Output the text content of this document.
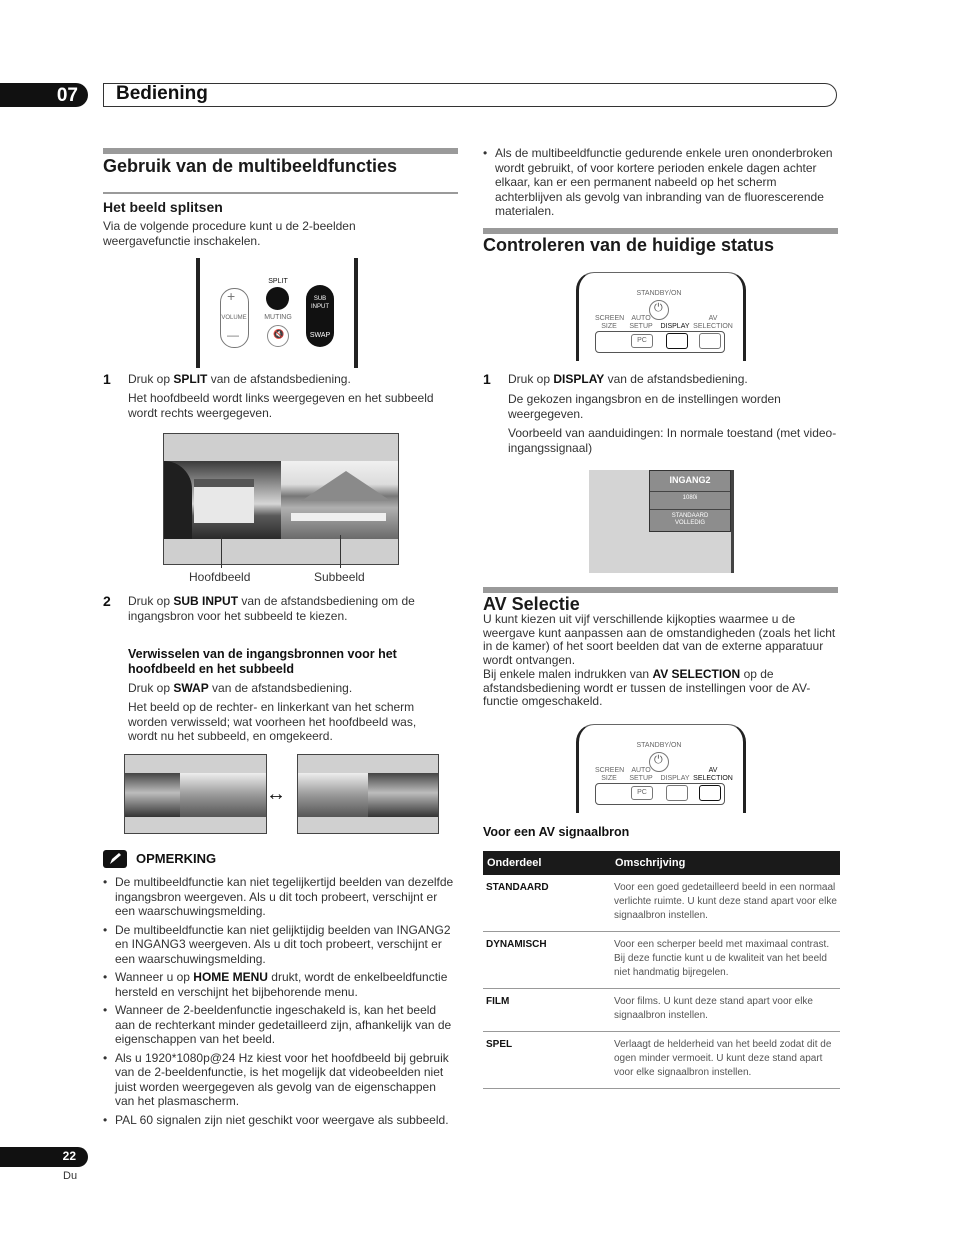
07 Bediening
Gebruik van de multibeeldfuncties
Het beeld splitsen

Via de volgende procedure kunt u de 2-beelden weergavefunctie inschakelen.

+
—
VOLUME
SPLIT
MUTING
🔇
SUB INPUT
SWAP
1 Druk op SPLIT van de afstandsbediening.

Het hoofdbeeld wordt links weergegeven en het subbeeld wordt rechts weergegeven.

Hoofdbeeld	Subbeeld
2 Druk op SUB INPUT van de afstandsbediening om de ingangsbron voor het subbeeld te kiezen.

Verwisselen van de ingangsbronnen voor het hoofdbeeld en het subbeeld

Druk op SWAP van de afstandsbediening.

Het beeld op de rechter- en linkerkant van het scherm worden verwisseld; wat voorheen het hoofdbeeld was, wordt nu het subbeeld, en omgekeerd.

↔
OPMERKING
• De multibeeldfunctie kan niet tegelijkertijd beelden van dezelfde ingangsbron weergeven. Als u dit toch probeert, verschijnt er een waarschuwingsmelding.
• De multibeeldfunctie kan niet gelijktijdig beelden van INGANG2 en INGANG3 weergeven. Als u dit toch probeert, verschijnt er een waarschuwingsmelding.
• Wanneer u op HOME MENU drukt, wordt de enkelbeeldfunctie hersteld en verschijnt het bijbehorende menu.
• Wanneer de 2-beeldenfunctie ingeschakeld is, kan het beeld aan de rechterkant minder gedetailleerd zijn, afhankelijk van de eigenschappen van het beeld.
• Als u 1920*1080p@24 Hz kiest voor het hoofdbeeld bij gebruik van de 2-beeldenfunctie, is het mogelijk dat videobeelden niet juist worden weergegeven als gevolg van de eigenschappen van het plasmascherm.
• PAL 60 signalen zijn niet geschikt voor weergave als subbeeld.
• Als de multibeeldfunctie gedurende enkele uren ononderbroken wordt gebruikt, of voor kortere perioden enkele dagen achter elkaar, kan er een permanent nabeeld op het scherm achterblijven als gevolg van inbranding van de fluorescerende materialen.
Controleren van de huidige status
STANDBY/ON
⏻
SCREEN SIZE
AUTO SETUP	DISPLAY
AV SELECTION
PC
1 Druk op DISPLAY van de afstandsbediening.

De gekozen ingangsbron en de instellingen worden weergegeven.

Voorbeeld van aanduidingen: In normale toestand (met video-ingangssignaal)

INGANG2
1080i
STANDAARD VOLLEDIG
AV Selectie

U kunt kiezen uit vijf verschillende kijkopties waarmee u de weergave kunt aanpassen aan de omstandigheden (zoals het licht in de kamer) of het soort beelden dat van de externe apparatuur wordt ontvangen.

Bij enkele malen indrukken van AV SELECTION op de afstandsbediening wordt er tussen de instellingen voor de AV-functie omgeschakeld.

STANDBY/ON
⏻
SCREEN SIZE
AUTO SETUP	DISPLAY
AV SELECTION
PC

Voor een AV signaalbron

Onderdeel	Omschrijving
STANDAARD	Voor een goed gedetailleerd beeld in een normaal verlichte ruimte. U kunt deze stand apart voor elke signaalbron instellen.
DYNAMISCH	Voor een scherper beeld met maximaal contrast. Bij deze functie kunt u de kwaliteit van het beeld niet handmatig bijregelen.
FILM	Voor films. U kunt deze stand apart voor elke signaalbron instellen.
SPEL	Verlaagt de helderheid van het beeld zodat dit de ogen minder vermoeit. U kunt deze stand apart voor elke signaalbron instellen.
22
Du
